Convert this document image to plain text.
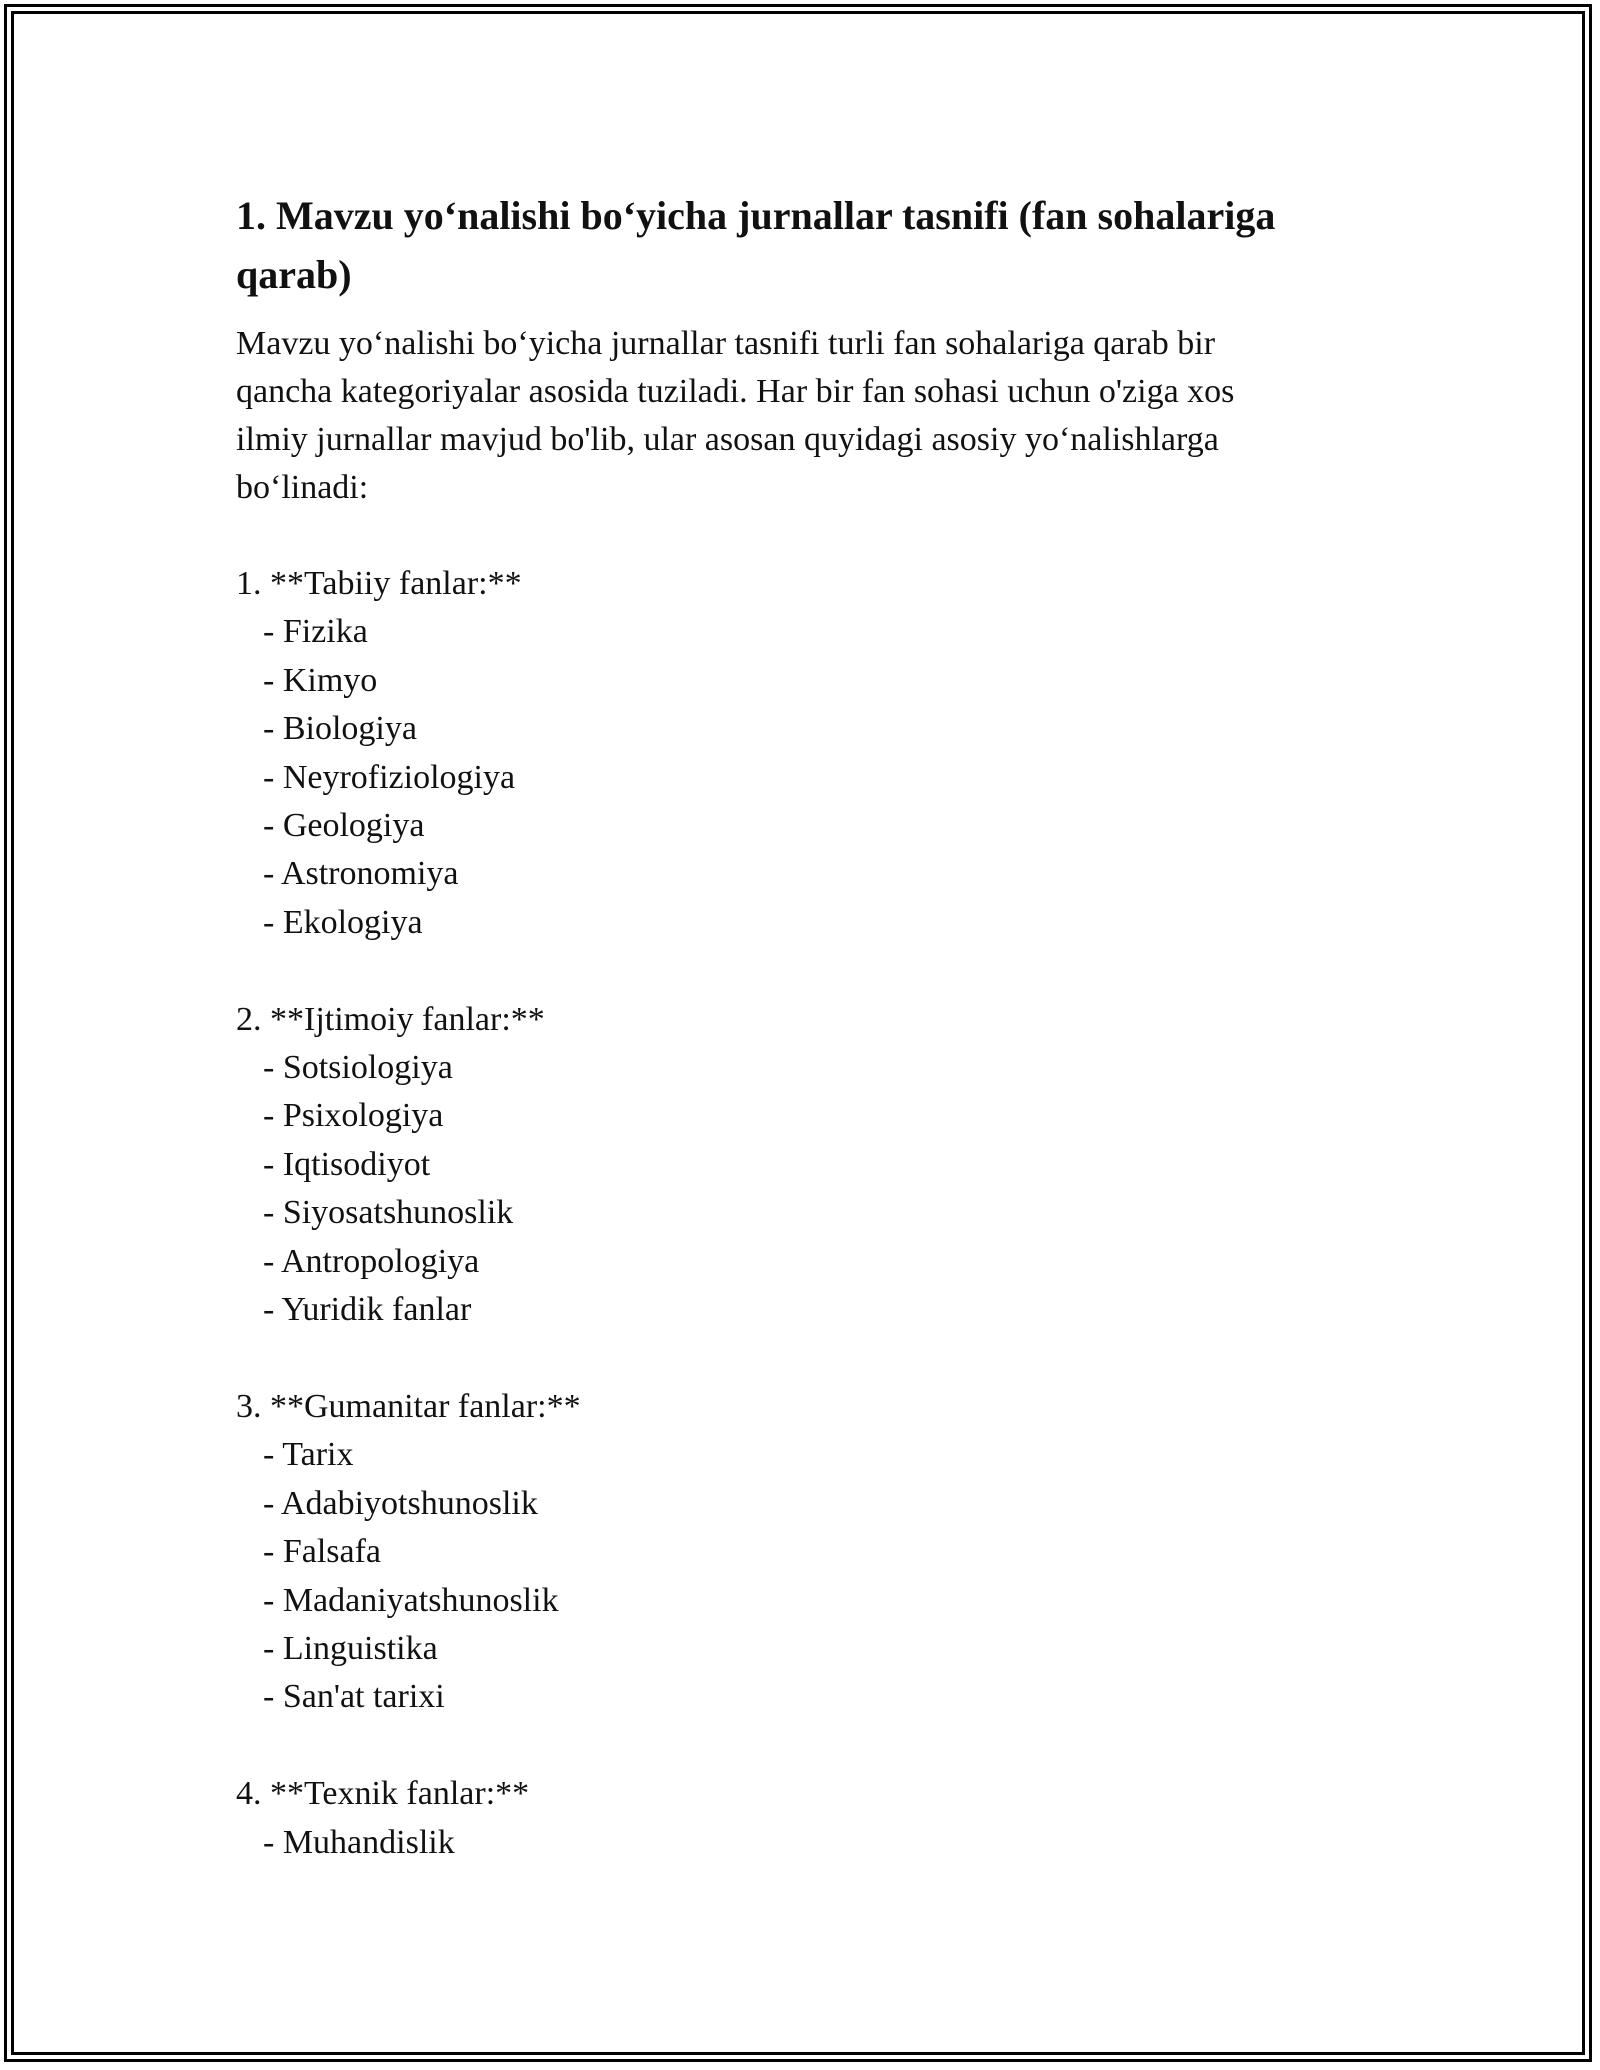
1. Mavzu yo‘nalishi bo‘yicha jurnallar tasnifi (fan sohalariga qarab)

Mavzu yo‘nalishi bo‘yicha jurnallar tasnifi turli fan sohalariga qarab bir
qancha kategoriyalar asosida tuziladi. Har bir fan sohasi uchun o'ziga xos
ilmiy jurnallar mavjud bo'lib, ular asosan quyidagi asosiy yo‘nalishlarga
bo‘linadi:

1. **Tabiiy fanlar:**
- Fizika
- Kimyo
- Biologiya
- Neyrofiziologiya
- Geologiya
- Astronomiya
- Ekologiya
2. **Ijtimoiy fanlar:**
- Sotsiologiya
- Psixologiya
- Iqtisodiyot
- Siyosatshunoslik
- Antropologiya
- Yuridik fanlar
3. **Gumanitar fanlar:**
- Tarix
- Adabiyotshunoslik
- Falsafa
- Madaniyatshunoslik
- Linguistika
- San'at tarixi
4. **Texnik fanlar:**
- Muhandislik
